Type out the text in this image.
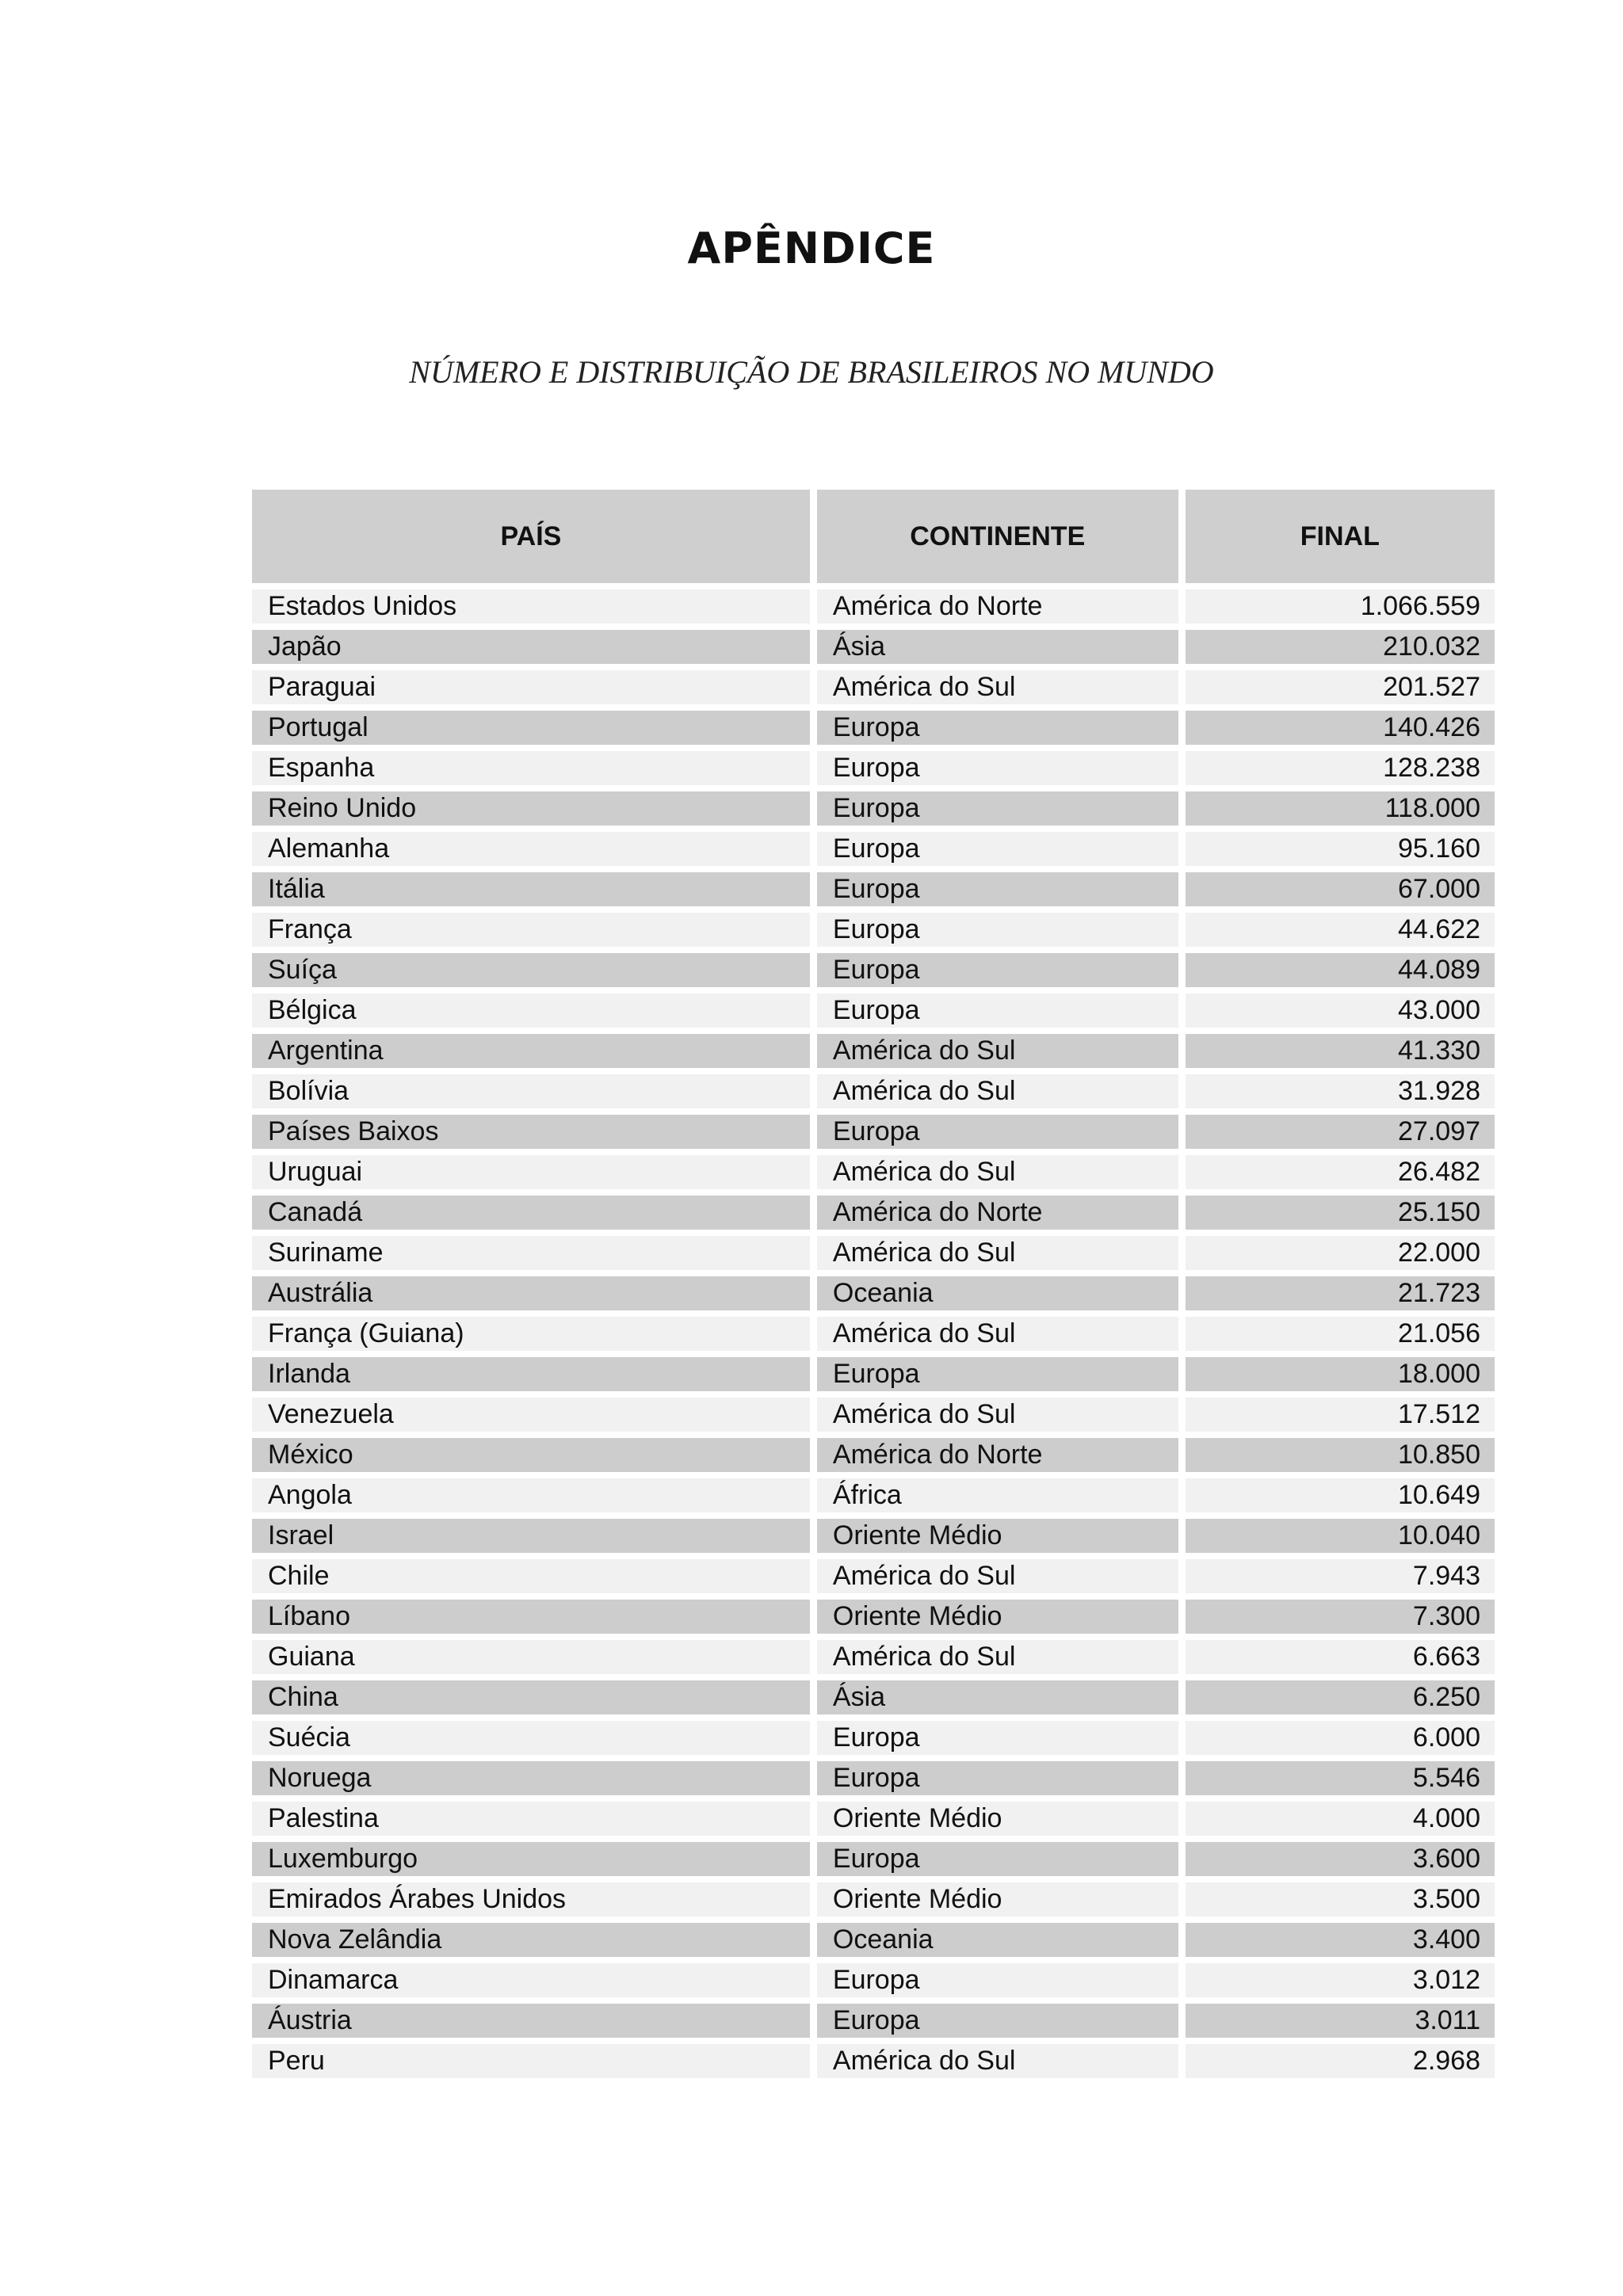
APÊNDICE
NÚMERO E DISTRIBUIÇÃO DE BRASILEIROS NO MUNDO
PAÍS	CONTINENTE	FINAL

Estados Unidos	América do Norte	1.066.559
Japão	Ásia	210.032
Paraguai	América do Sul	201.527
Portugal	Europa	140.426
Espanha	Europa	128.238
Reino Unido	Europa	118.000
Alemanha	Europa	95.160
Itália	Europa	67.000
França	Europa	44.622
Suíça	Europa	44.089
Bélgica	Europa	43.000
Argentina	América do Sul	41.330
Bolívia	América do Sul	31.928
Países Baixos	Europa	27.097
Uruguai	América do Sul	26.482
Canadá	América do Norte	25.150
Suriname	América do Sul	22.000
Austrália	Oceania	21.723
França (Guiana)	América do Sul	21.056
Irlanda	Europa	18.000
Venezuela	América do Sul	17.512
México	América do Norte	10.850
Angola	África	10.649
Israel	Oriente Médio	10.040
Chile	América do Sul	7.943
Líbano	Oriente Médio	7.300
Guiana	América do Sul	6.663
China	Ásia	6.250
Suécia	Europa	6.000
Noruega	Europa	5.546
Palestina	Oriente Médio	4.000
Luxemburgo	Europa	3.600
Emirados Árabes Unidos	Oriente Médio	3.500
Nova Zelândia	Oceania	3.400
Dinamarca	Europa	3.012
Áustria	Europa	3.011
Peru	América do Sul	2.968
